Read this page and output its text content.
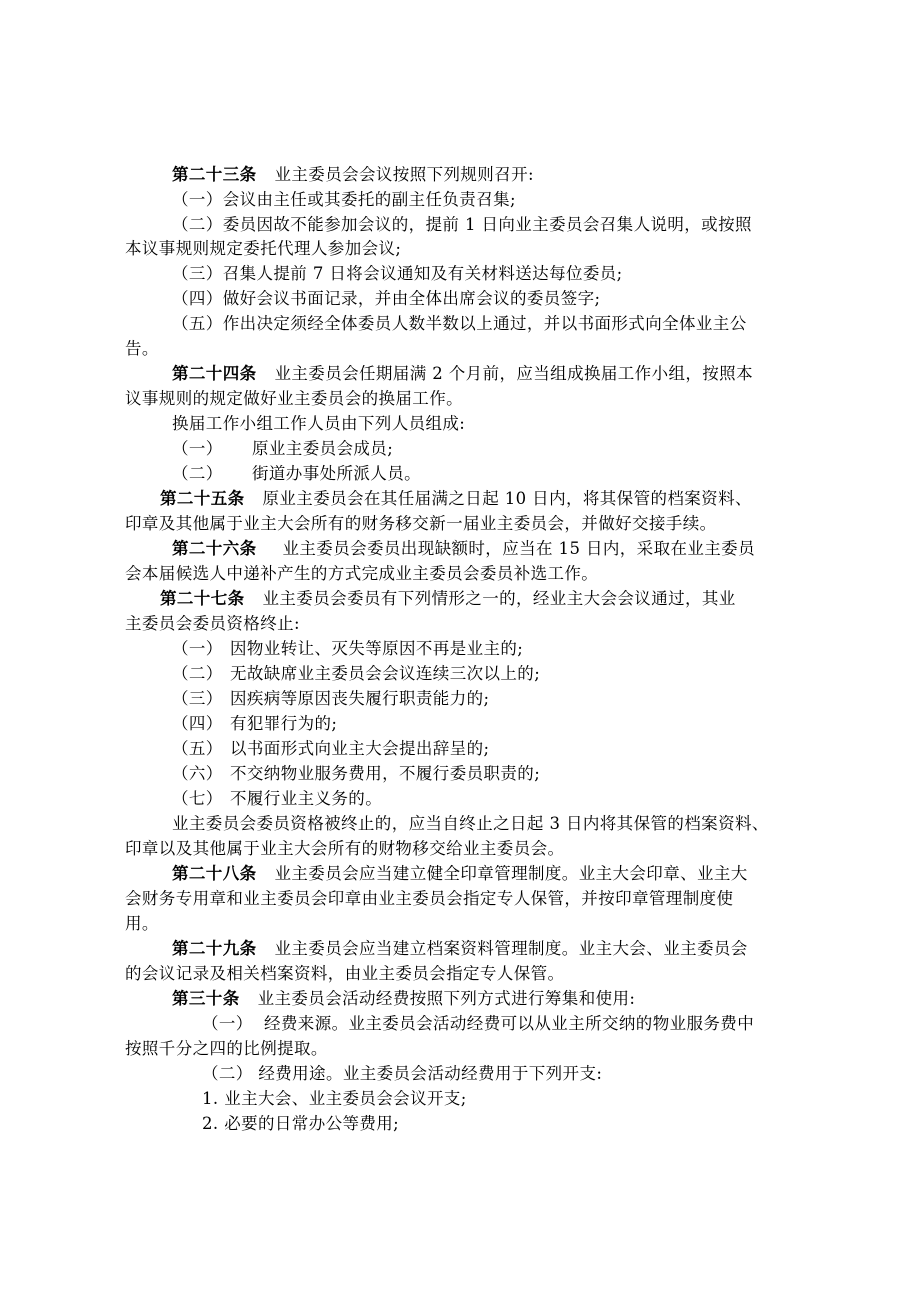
第二十三条 业主委员会会议按照下列规则召开:
（一）会议由主任或其委托的副主任负责召集;
（二）委员因故不能参加会议的，提前 1 日向业主委员会召集人说明，或按照
本议事规则规定委托代理人参加会议;
（三）召集人提前 7 日将会议通知及有关材料送达每位委员;
（四）做好会议书面记录，并由全体出席会议的委员签字;
（五）作出决定须经全体委员人数半数以上通过，并以书面形式向全体业主公
告。
第二十四条 业主委员会任期届满 2 个月前，应当组成换届工作小组，按照本
议事规则的规定做好业主委员会的换届工作。
换届工作小组工作人员由下列人员组成:
（一） 原业主委员会成员;
（二） 街道办事处所派人员。
第二十五条 原业主委员会在其任届满之日起 10 日内，将其保管的档案资料、
印章及其他属于业主大会所有的财务移交新一届业主委员会，并做好交接手续。
第二十六条 业主委员会委员出现缺额时，应当在 15 日内，采取在业主委员
会本届候选人中递补产生的方式完成业主委员会委员补选工作。
第二十七条 业主委员会委员有下列情形之一的，经业主大会会议通过，其业
主委员会委员资格终止:
（一） 因物业转让、灭失等原因不再是业主的;
（二） 无故缺席业主委员会会议连续三次以上的;
（三） 因疾病等原因丧失履行职责能力的;
（四） 有犯罪行为的;
（五） 以书面形式向业主大会提出辞呈的;
（六） 不交纳物业服务费用，不履行委员职责的;
（七） 不履行业主义务的。
业主委员会委员资格被终止的，应当自终止之日起 3 日内将其保管的档案资料、
印章以及其他属于业主大会所有的财物移交给业主委员会。
第二十八条 业主委员会应当建立健全印章管理制度。业主大会印章、业主大
会财务专用章和业主委员会印章由业主委员会指定专人保管，并按印章管理制度使
用。
第二十九条 业主委员会应当建立档案资料管理制度。业主大会、业主委员会
的会议记录及相关档案资料，由业主委员会指定专人保管。
第三十条 业主委员会活动经费按照下列方式进行筹集和使用:
（一） 经费来源。业主委员会活动经费可以从业主所交纳的物业服务费中
按照千分之四的比例提取。
（二） 经费用途。业主委员会活动经费用于下列开支:
1. 业主大会、业主委员会会议开支;
2. 必要的日常办公等费用;
